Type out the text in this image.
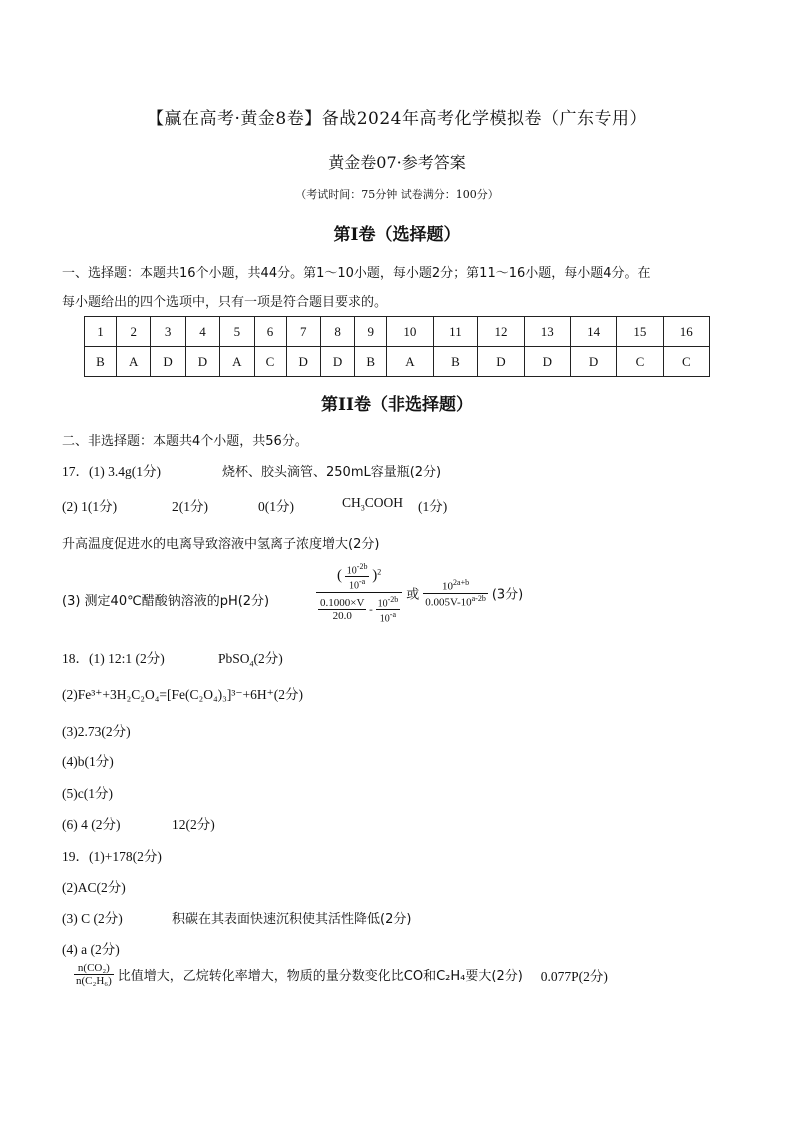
【赢在高考·黄金8卷】备战2024年高考化学模拟卷（广东专用）
黄金卷07·参考答案
（考试时间：75分钟 试卷满分：100分）
第I卷（选择题）
一、选择题：本题共16个小题，共44分。第1～10小题，每小题2分；第11～16小题，每小题4分。在
每小题给出的四个选项中，只有一项是符合题目要求的。
1	2	3	4	5	6	7	8	9	10	11	12	13	14	15	16
B	A	D	D	A	C	D	D	B	A	B	D	D	D	C	C
第II卷（非选择题）
二、非选择题：本题共4个小题，共56分。
17．(1) 3.4g(1分)	烧杯、胶头滴管、250mL容量瓶(2分)
(2) 1(1分)	2(1分)	0(1分)	$CH_3COOH$ (1分)
升高温度促进水的电离导致溶液中氢离子浓度增大(2分)
(3) 测定40℃醋酸钠溶液的pH(2分)
( $\frac{10^{-2b}}{10^{-a}} )^2$
$\frac{0.1000\times V}{20.0} - \frac{10^{-2b}}{10^{-a}}$ 或 $\frac{10^{2a+b}}{0.005V-10^{a-2b}} (3$分)
18．(1) 12:1 (2分)	PbSO$_4$(2分)
(2)Fe³⁺+3H₂C₂O₄=[Fe(C₂O₄)₃]³⁻+6H⁺(2分)
(3)2.73(2分)
(4)b(1分)
(5)c(1分)
(6) 4 (2分)	12(2分)
19．(1)+178(2分)
(2)AC(2分)
(3) C (2分)	积碳在其表面快速沉积使其活性降低(2分)
(4) a (2分)
$\frac{\text{n(CO₂)}}{\text{n(C₂H₆)}}$ 比值增大，乙烷转化率增大，物质的量分数变化比CO和C₂H₄要大(2分) 0.077P(2分)
